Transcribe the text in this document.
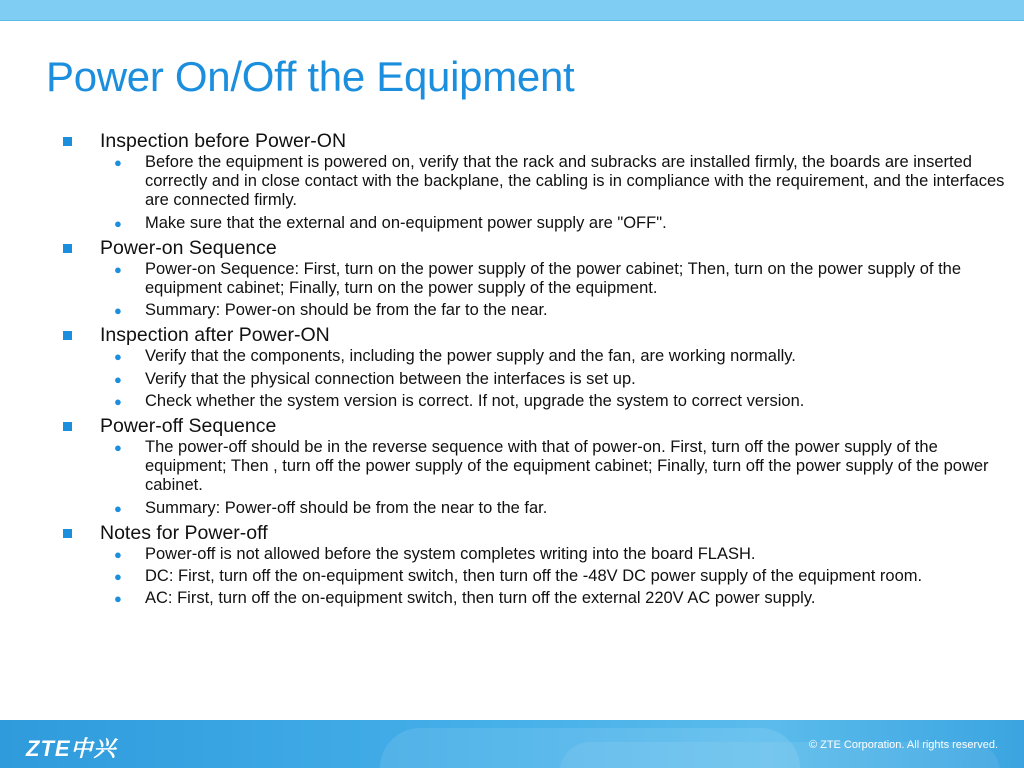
Power On/Off the Equipment
Inspection before Power-ON
● Before the equipment is powered on, verify that the rack and subracks are installed firmly, the boards are inserted correctly and in close contact with the backplane, the cabling is in compliance with the requirement, and the interfaces are connected firmly.
● Make sure that the external and on-equipment power supply are "OFF".
Power-on Sequence
● Power-on Sequence: First, turn on the power supply of the power cabinet; Then, turn on the power supply of the equipment cabinet; Finally, turn on the power supply of the equipment.
● Summary: Power-on should be from the far to the near.
Inspection after Power-ON
● Verify that the components, including the power supply and the fan, are working normally.
● Verify that the physical connection between the interfaces is set up.
● Check whether the system version is correct. If not, upgrade the system to correct version.
Power-off Sequence
● The power-off should be in the reverse sequence with that of power-on. First, turn off the power supply of the equipment; Then , turn off the power supply of the equipment cabinet; Finally, turn off the power supply of the power cabinet.
● Summary: Power-off should be from the near to the far.
Notes for Power-off
● Power-off is not allowed before the system completes writing into the board FLASH.
● DC: First, turn off the on-equipment switch, then turn off the -48V DC power supply of the equipment room.
● AC: First, turn off the on-equipment switch, then turn off the external 220V AC power supply.
ZTE中兴	© ZTE Corporation. All rights reserved.
